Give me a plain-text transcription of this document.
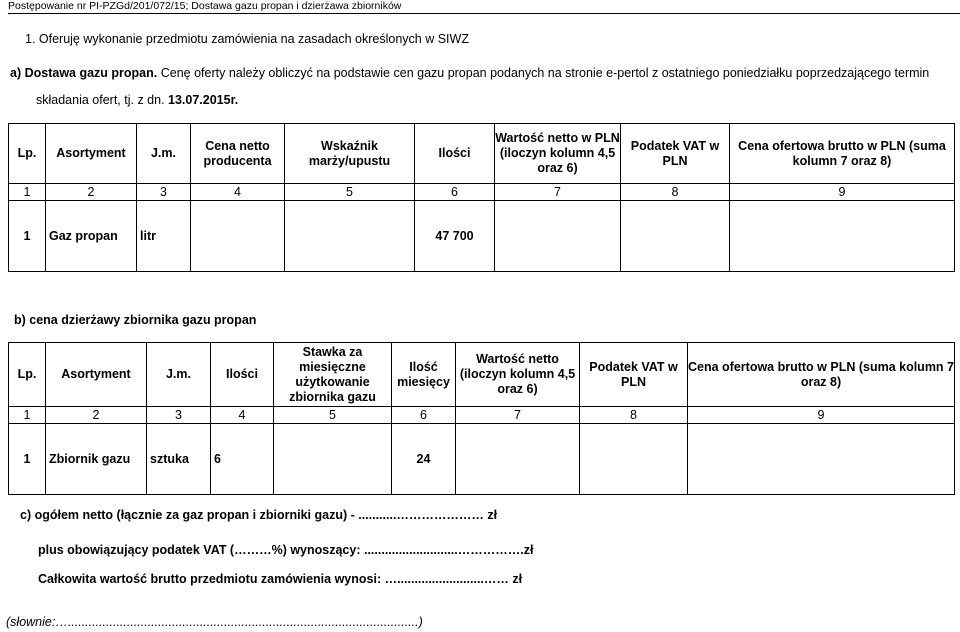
Postępowanie nr PI-PZGd/201/072/15; Dostawa gazu propan i dzierżawa zbiorników
1. Oferuję wykonanie przedmiotu zamówienia na zasadach określonych w SIWZ
a) Dostawa gazu propan. Cenę oferty należy obliczyć na podstawie cen gazu propan podanych na stronie e-pertol z ostatniego poniedziałku poprzedzającego termin
składania ofert, tj. z dn. 13.07.2015r.
Lp.	Asortyment	J.m.	Cena netto producenta	Wskaźnik marży/upustu	Ilości	Wartość netto w PLN (iloczyn kolumn 4,5 oraz 6)	Podatek VAT w PLN	Cena ofertowa brutto w PLN (suma kolumn 7 oraz 8)
1	2	3	4	5	6	7	8	9
1	Gaz propan	litr			47 700			
b) cena dzierżawy zbiornika gazu propan
Lp.	Asortyment	J.m.	Ilości	Stawka za miesięczne użytkowanie zbiornika gazu	Ilość miesięcy	Wartość netto (iloczyn kolumn 4,5 oraz 6)	Podatek VAT w PLN	Cena ofertowa brutto w PLN (suma kolumn 7 oraz 8)
1	2	3	4	5	6	7	8	9
1	Zbiornik gazu	sztuka	6		24			
c) ogółem netto (łącznie za gaz propan i zbiorniki gazu) - ...........………………… zł
plus obowiązujący podatek VAT (………%) wynoszący: ...........................…………….zł
Całkowita wartość brutto przedmiotu zamówienia wynosi: ….........................…… zł
(słownie:….....................................................................................................)
